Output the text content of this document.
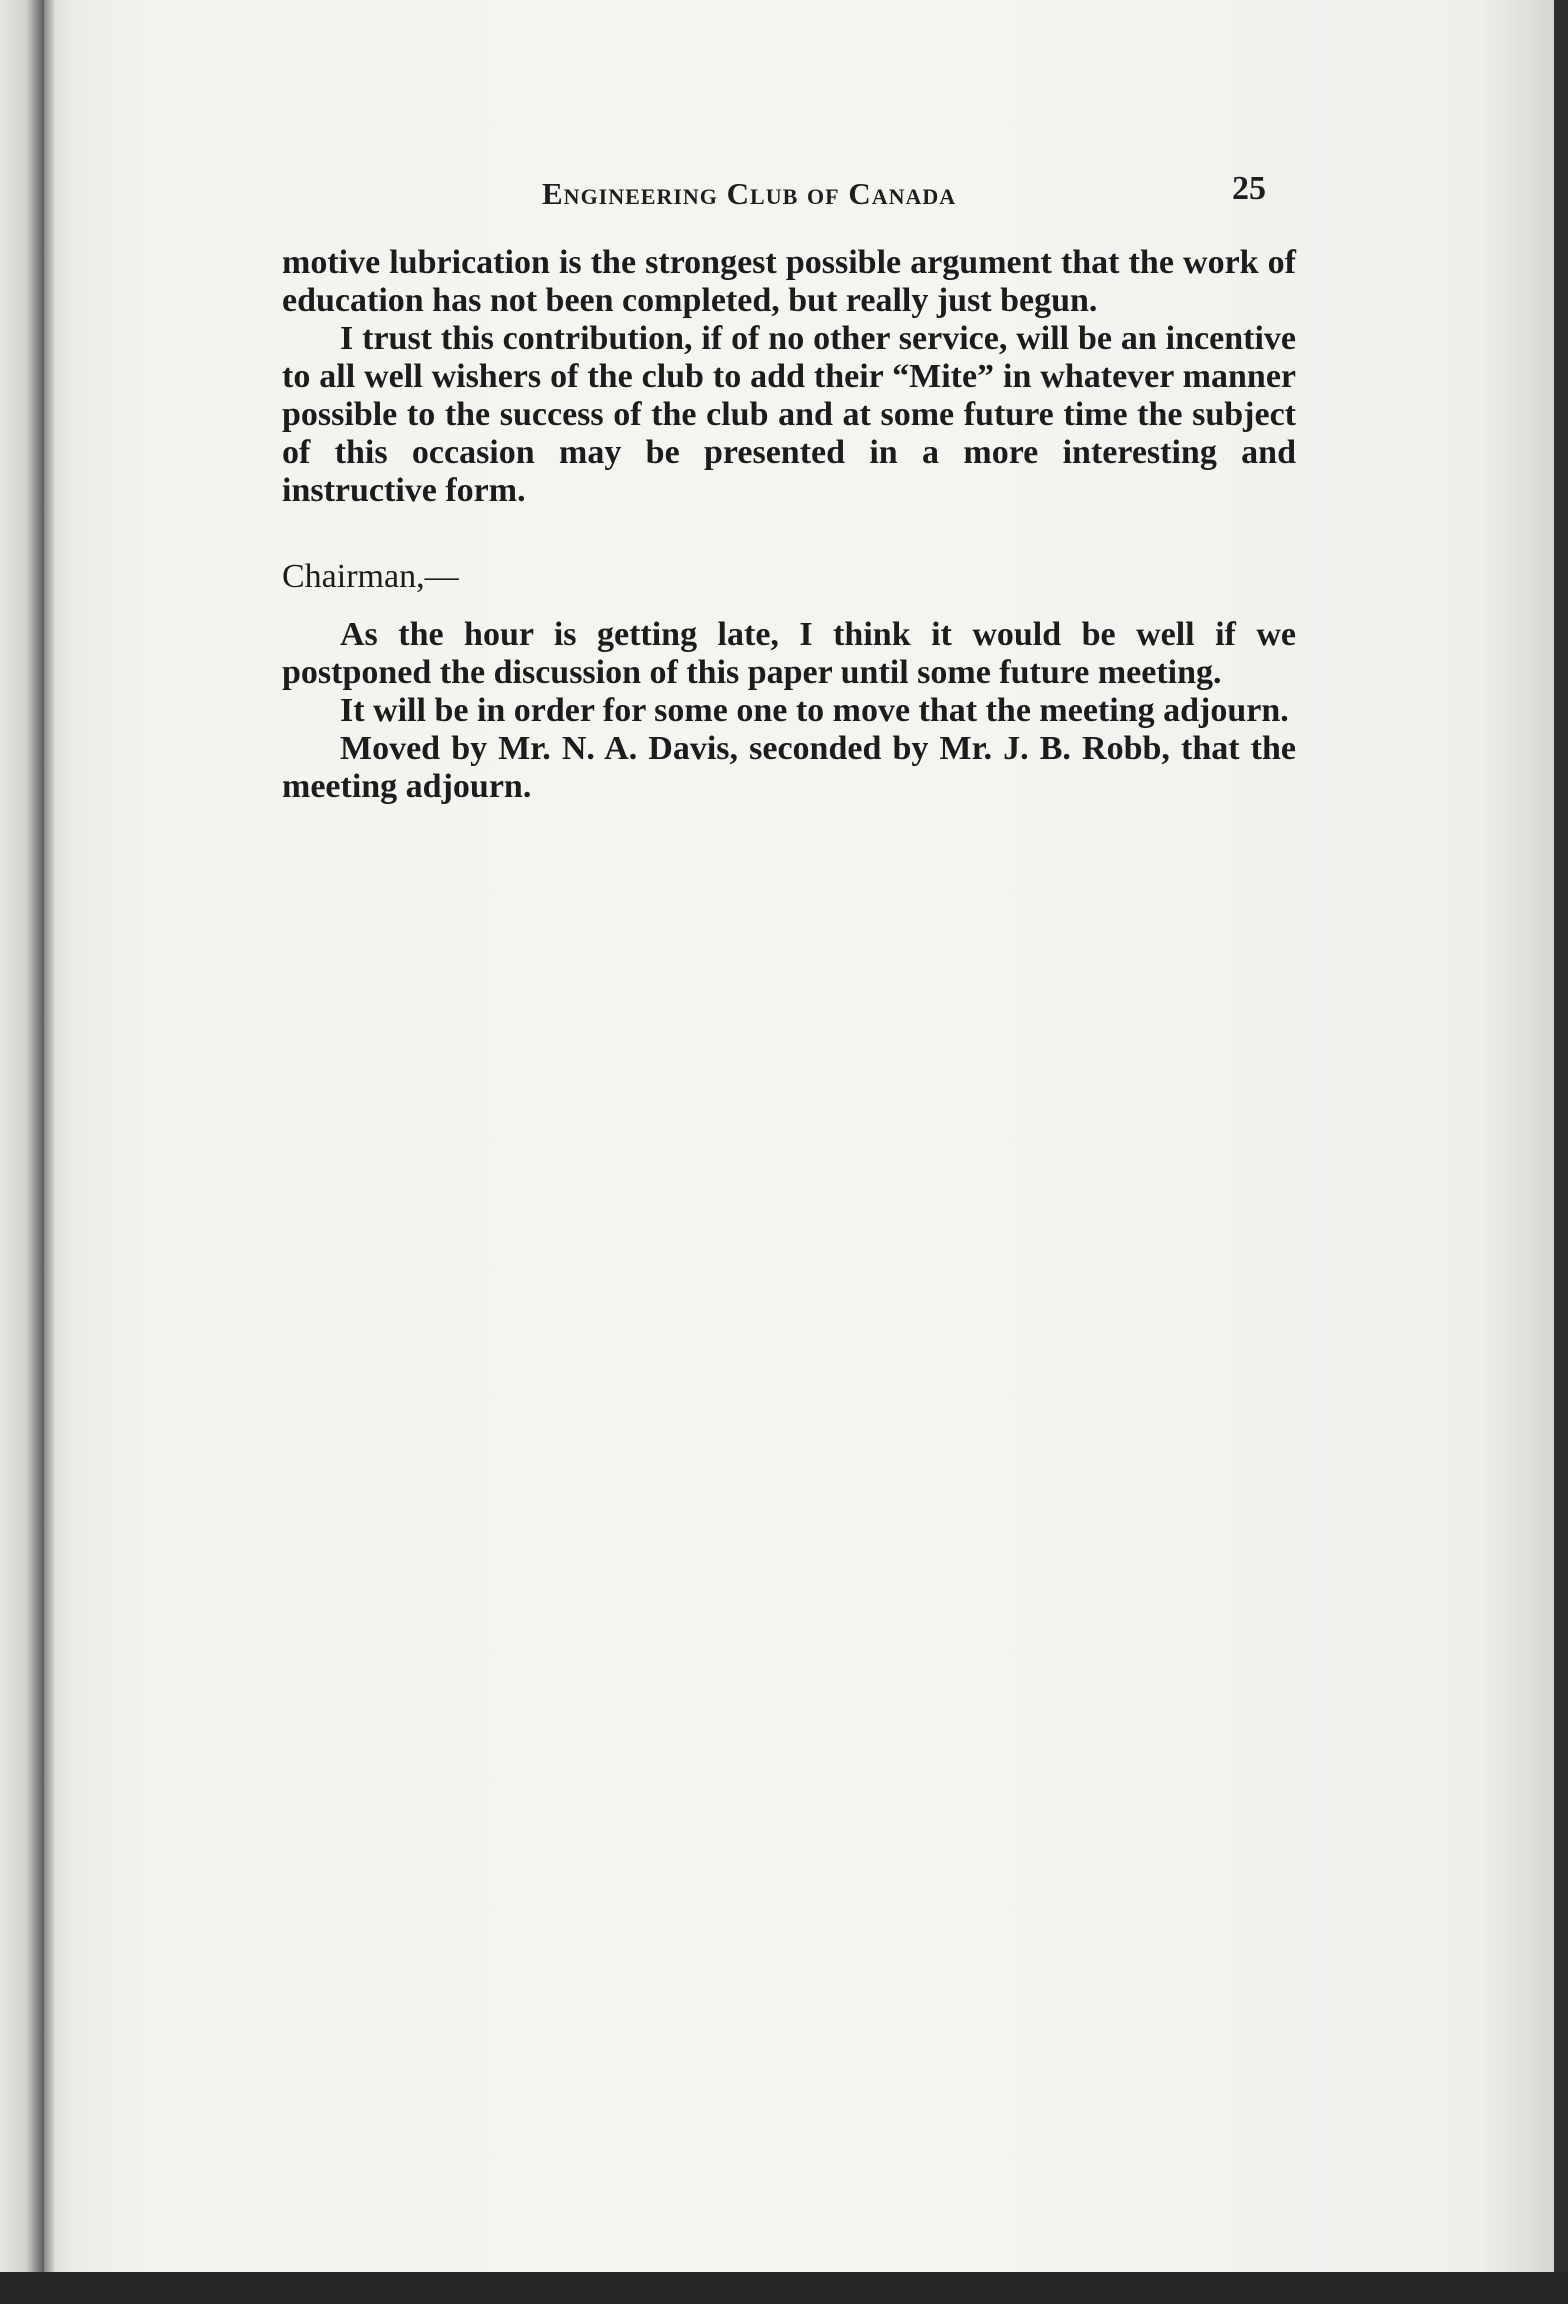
Engineering Club of Canada	25

motive lubrication is the strongest possible argument that the work of education has not been completed, but really just begun.

I trust this contribution, if of no other service, will be an incentive to all well wishers of the club to add their “Mite” in whatever manner possible to the success of the club and at some future time the subject of this occasion may be presented in a more interesting and instructive form.

Chairman,—

As the hour is getting late, I think it would be well if we postponed the discussion of this paper until some future meeting.

It will be in order for some one to move that the meeting adjourn.

Moved by Mr. N. A. Davis, seconded by Mr. J. B. Robb, that the meeting adjourn.
